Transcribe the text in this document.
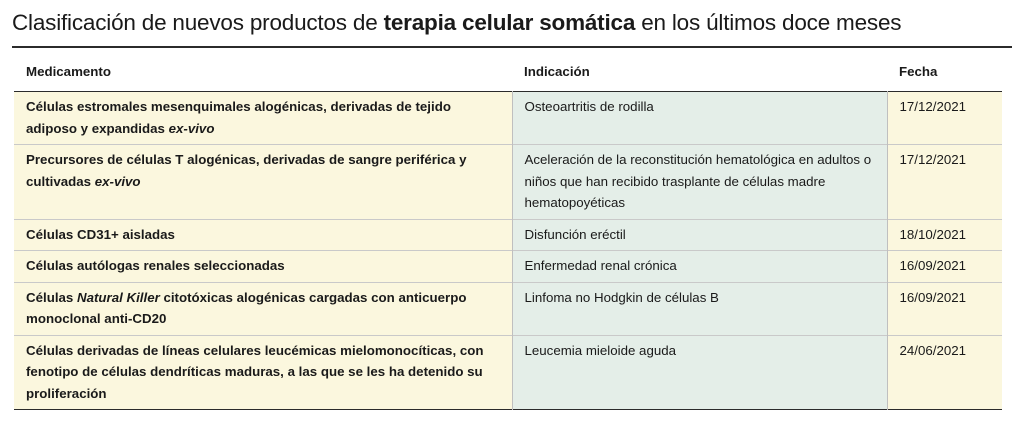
Clasificación de nuevos productos de terapia celular somática en los últimos doce meses
Medicamento	Indicación	Fecha
Células estromales mesenquimales alogénicas, derivadas de tejido adiposo y expandidas ex-vivo	Osteoartritis de rodilla	17/12/2021
Precursores de células T alogénicas, derivadas de sangre periférica y cultivadas ex-vivo	Aceleración de la reconstitución hematológica en adultos o niños que han recibido trasplante de células madre hematopoyéticas	17/12/2021
Células CD31+ aisladas	Disfunción eréctil	18/10/2021
Células autólogas renales seleccionadas	Enfermedad renal crónica	16/09/2021
Células Natural Killer citotóxicas alogénicas cargadas con anticuerpo monoclonal anti-CD20	Linfoma no Hodgkin de células B	16/09/2021
Células derivadas de líneas celulares leucémicas mielomonocíticas, con fenotipo de células dendríticas maduras, a las que se les ha detenido su proliferación	Leucemia mieloide aguda	24/06/2021
